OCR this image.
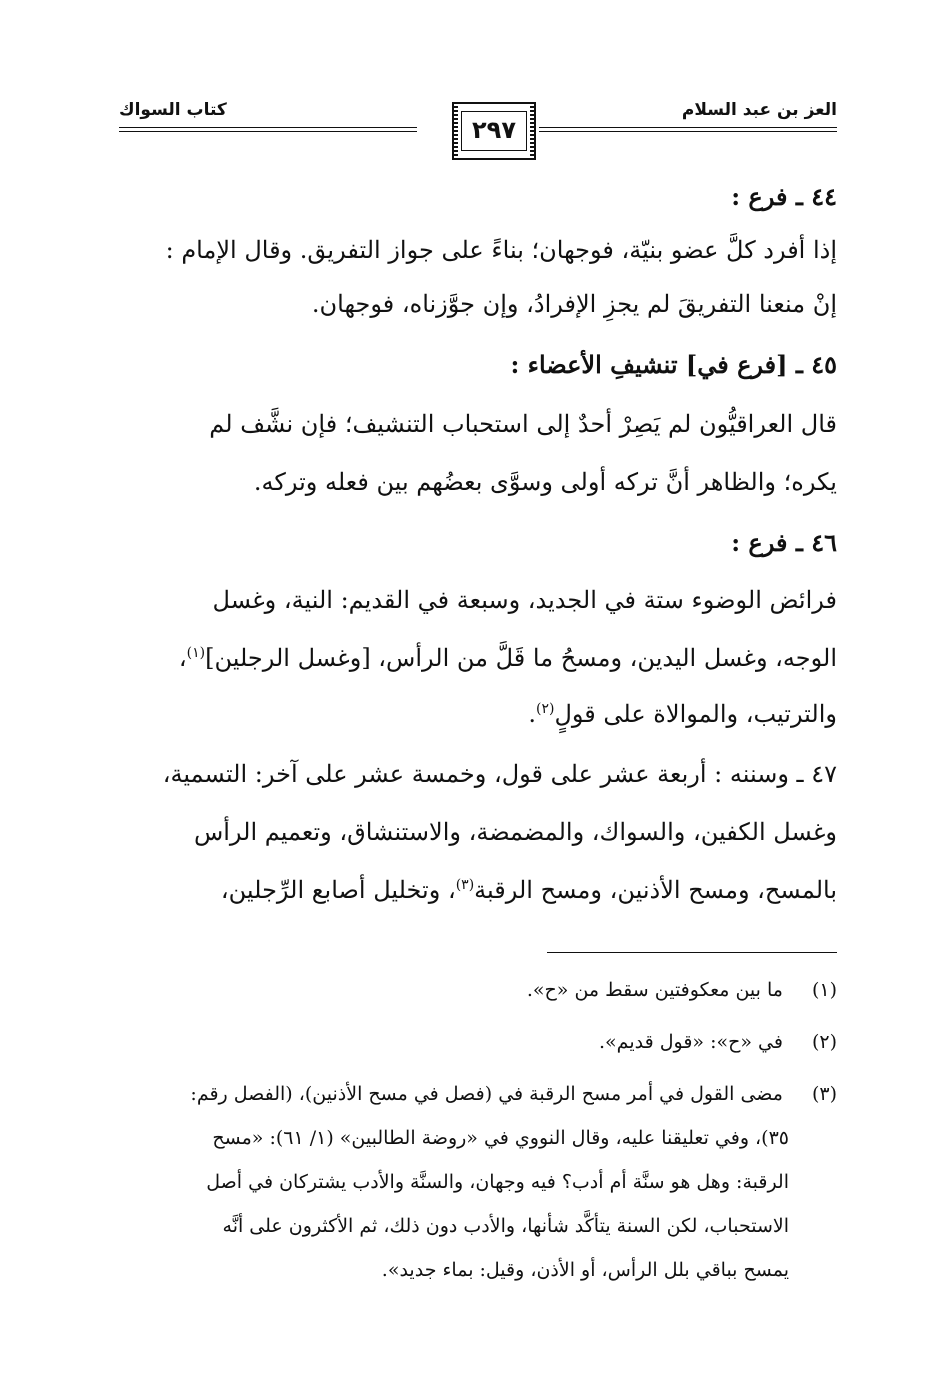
العز بن عبد السلام
٢٩٧
كتاب السواك
٤٤ ـ فرع :
إذا أفرد كلَّ عضو بنيّة، فوجهان؛ بناءً على جواز التفريق. وقال الإمام :
إنْ منعنا التفريقَ لم يجزِ الإفرادُ، وإن جوَّزناه، فوجهان.
٤٥ ـ [فرع في] تنشيفِ الأعضاء :
قال العراقيُّون لم يَصِرْ أحدٌ إلى استحباب التنشيف؛ فإن نشَّف لم
يكره؛ والظاهر أنَّ تركه أولى وسوَّى بعضُهم بين فعله وتركه.
٤٦ ـ فرع :
فرائض الوضوء ستة في الجديد، وسبعة في القديم: النية، وغسل
الوجه، وغسل اليدين، ومسحُ ما قَلَّ من الرأس، [وغسل الرجلين]$^{(١)}$،
والترتيب، والموالاة على قولٍ$^{(٢)}$.
٤٧ ـ وسننه : أربعة عشر على قول، وخمسة عشر على آخر: التسمية،
وغسل الكفين، والسواك، والمضمضة، والاستنشاق، وتعميم الرأس
بالمسح، ومسح الأذنين، ومسح الرقبة$^{(٣)}$، وتخليل أصابع الرِّجلين،
(١) ما بين معكوفتين سقط من «ح».
(٢) في «ح»: «قول قديم».
(٣) مضى القول في أمر مسح الرقبة في (فصل في مسح الأذنين)، (الفصل رقم:
٣٥)، وفي تعليقنا عليه، وقال النووي في «روضة الطالبين» (١/ ٦١): «مسح
الرقبة: وهل هو سنَّة أم أدب؟ فيه وجهان، والسنَّة والأدب يشتركان في أصل
الاستحباب، لكن السنة يتأكَّد شأنها، والأدب دون ذلك، ثم الأكثرون على أنَّه
يمسح بباقي بلل الرأس، أو الأذن، وقيل: بماء جديد».
